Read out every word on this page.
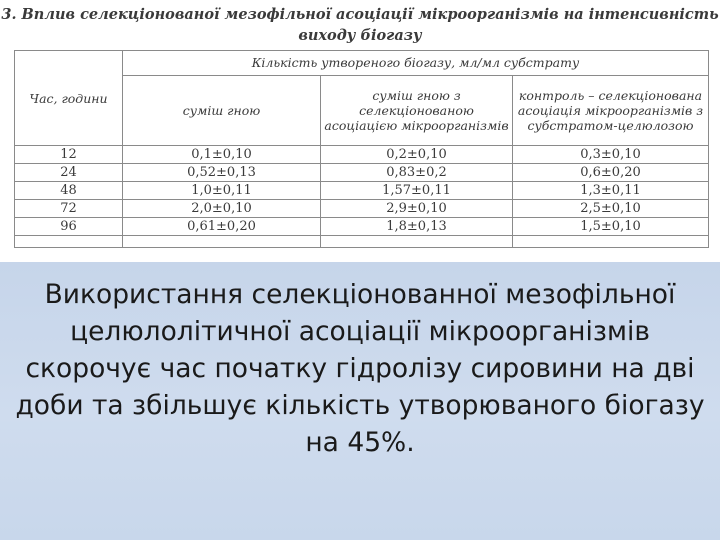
3. Вплив селекціонованої мезофільної асоціації мікроорганізмів на інтенсивність
виходу біогазу
Час, години	Кількість утвореного біогазу, мл/мл субстрату		
	суміш гною	суміш гною з селекціонованою асоціацією мікроорганізмів	контроль – селекціонована асоціація мікроорганізмів з субстратом-целюлозою
12	0,1±0,10	0,2±0,10	0,3±0,10
24	0,52±0,13	0,83±0,2	0,6±0,20
48	1,0±0,11	1,57±0,11	1,3±0,11
72	2,0±0,10	2,9±0,10	2,5±0,10
96	0,61±0,20	1,8±0,13	1,5±0,10

Використання селекціонованної мезофільної целюлолітичної асоціації мікроорганізмів скорочує час початку гідролізу сировини на дві доби та збільшує кількість утворюваного біогазу на 45%.
